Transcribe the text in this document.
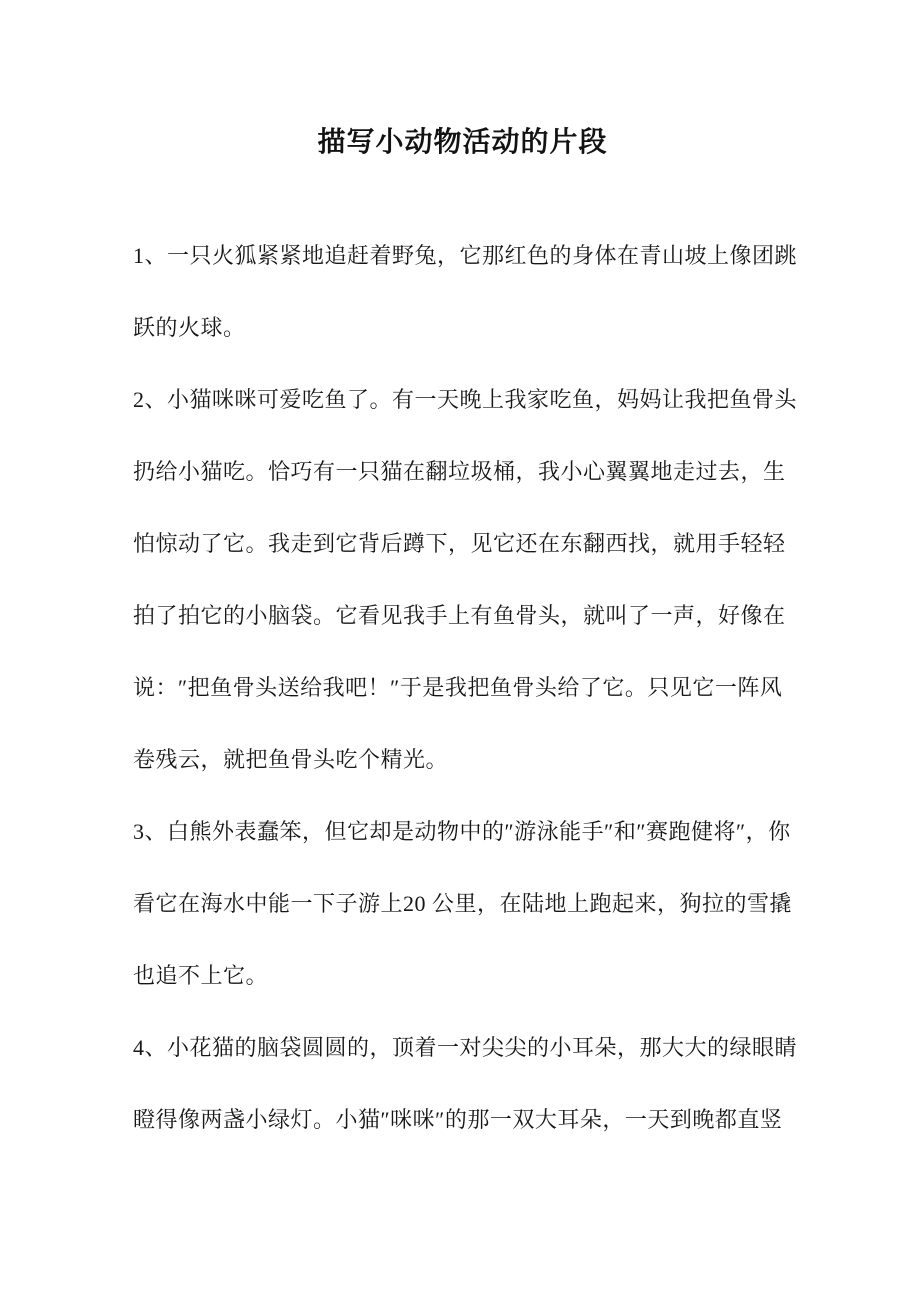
描写小动物活动的片段

1、一只火狐紧紧地追赶着野兔，它那红色的身体在青山坡上像团跳

跃的火球。

2、小猫咪咪可爱吃鱼了。有一天晚上我家吃鱼，妈妈让我把鱼骨头

扔给小猫吃。恰巧有一只猫在翻垃圾桶，我小心翼翼地走过去，生

怕惊动了它。我走到它背后蹲下，见它还在东翻西找，就用手轻轻

拍了拍它的小脑袋。它看见我手上有鱼骨头，就叫了一声，好像在

说：″把鱼骨头送给我吧！″于是我把鱼骨头给了它。只见它一阵风

卷残云，就把鱼骨头吃个精光。

3、白熊外表蠢笨，但它却是动物中的″游泳能手″和″赛跑健将″，你

看它在海水中能一下子游上20 公里，在陆地上跑起来，狗拉的雪撬

也追不上它。

4、小花猫的脑袋圆圆的，顶着一对尖尖的小耳朵，那大大的绿眼睛

瞪得像两盏小绿灯。小猫″咪咪″的那一双大耳朵，一天到晚都直竖
